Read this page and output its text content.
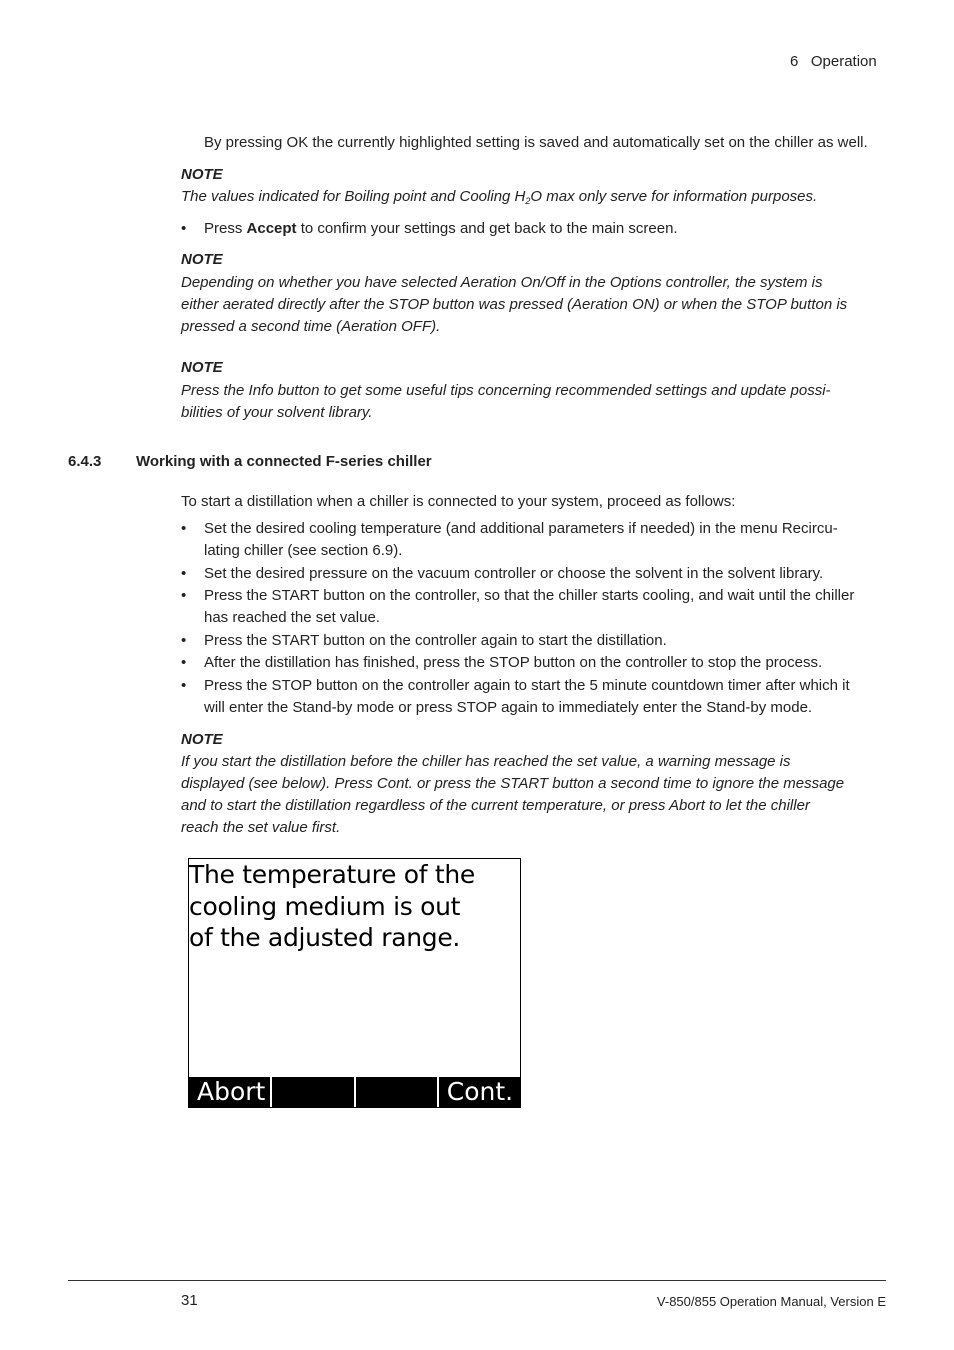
6 Operation
By pressing OK the currently highlighted setting is saved and automatically set on the chiller as well.
NOTE
The values indicated for Boiling point and Cooling $H_2O$ max only serve for information purposes.
• Press Accept to confirm your settings and get back to the main screen.
NOTE
Depending on whether you have selected Aeration On/Off in the Options controller, the system is
either aerated directly after the STOP button was pressed (Aeration ON) or when the STOP button is
pressed a second time (Aeration OFF).
NOTE
Press the Info button to get some useful tips concerning recommended settings and update possi-
bilities of your solvent library.
6.4.3 Working with a connected F-series chiller
To start a distillation when a chiller is connected to your system, proceed as follows:
• Set the desired cooling temperature (and additional parameters if needed) in the menu Recircu-
lating chiller (see section 6.9).
• Set the desired pressure on the vacuum controller or choose the solvent in the solvent library.
• Press the START button on the controller, so that the chiller starts cooling, and wait until the chiller
has reached the set value.
• Press the START button on the controller again to start the distillation.
• After the distillation has finished, press the STOP button on the controller to stop the process.
• Press the STOP button on the controller again to start the 5 minute countdown timer after which it
will enter the Stand-by mode or press STOP again to immediately enter the Stand-by mode.
NOTE
If you start the distillation before the chiller has reached the set value, a warning message is
displayed (see below). Press Cont. or press the START button a second time to ignore the message
and to start the distillation regardless of the current temperature, or press Abort to let the chiller
reach the set value first.
The temperature of the
cooling medium is out
of the adjusted range.
Abort	Cont.
31	V-850/855 Operation Manual, Version E
